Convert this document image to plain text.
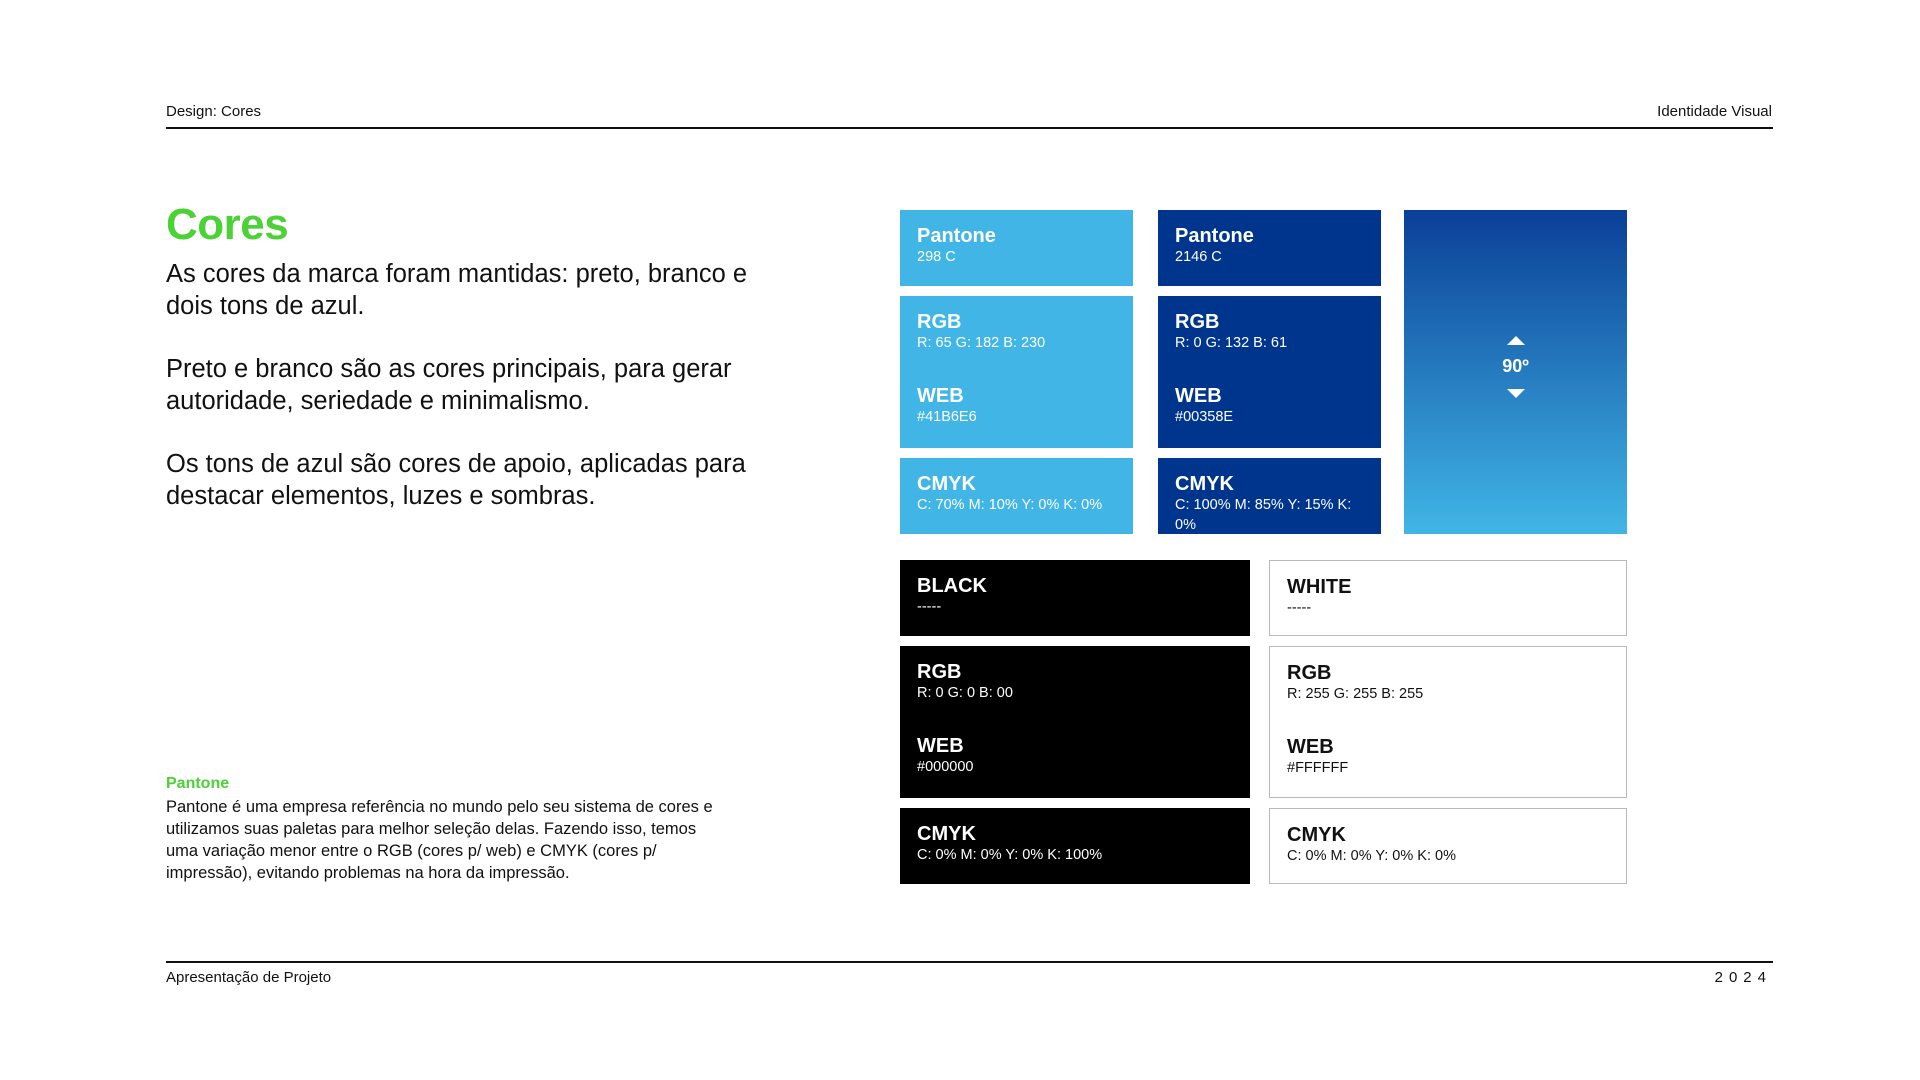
Design: Cores	Identidade Visual
Cores

As cores da marca foram mantidas: preto, branco e dois tons de azul.

Preto e branco são as cores principais, para gerar autoridade, seriedade e minimalismo.

Os tons de azul são cores de apoio, aplicadas para destacar elementos, luzes e sombras.

Pantone
Pantone é uma empresa referência no mundo pelo seu sistema de cores e utilizamos suas paletas para melhor seleção delas. Fazendo isso, temos uma variação menor entre o RGB (cores p/ web) e CMYK (cores p/ impressão), evitando problemas na hora da impressão.
Pantone
298 C
RGB
R: 65 G: 182 B: 230
WEB
#41B6E6
CMYK
C: 70% M: 10% Y: 0% K: 0%
Pantone
2146 C
RGB
R: 0 G: 132 B: 61
WEB
#00358E
CMYK
C: 100% M: 85% Y: 15% K: 0%
90º
BLACK
-----
RGB
R: 0 G: 0 B: 00
WEB
#000000
CMYK
C: 0% M: 0% Y: 0% K: 100%
WHITE
-----
RGB
R: 255 G: 255 B: 255
WEB
#FFFFFF
CMYK
C: 0% M: 0% Y: 0% K: 0%
Apresentação de Projeto	2024
